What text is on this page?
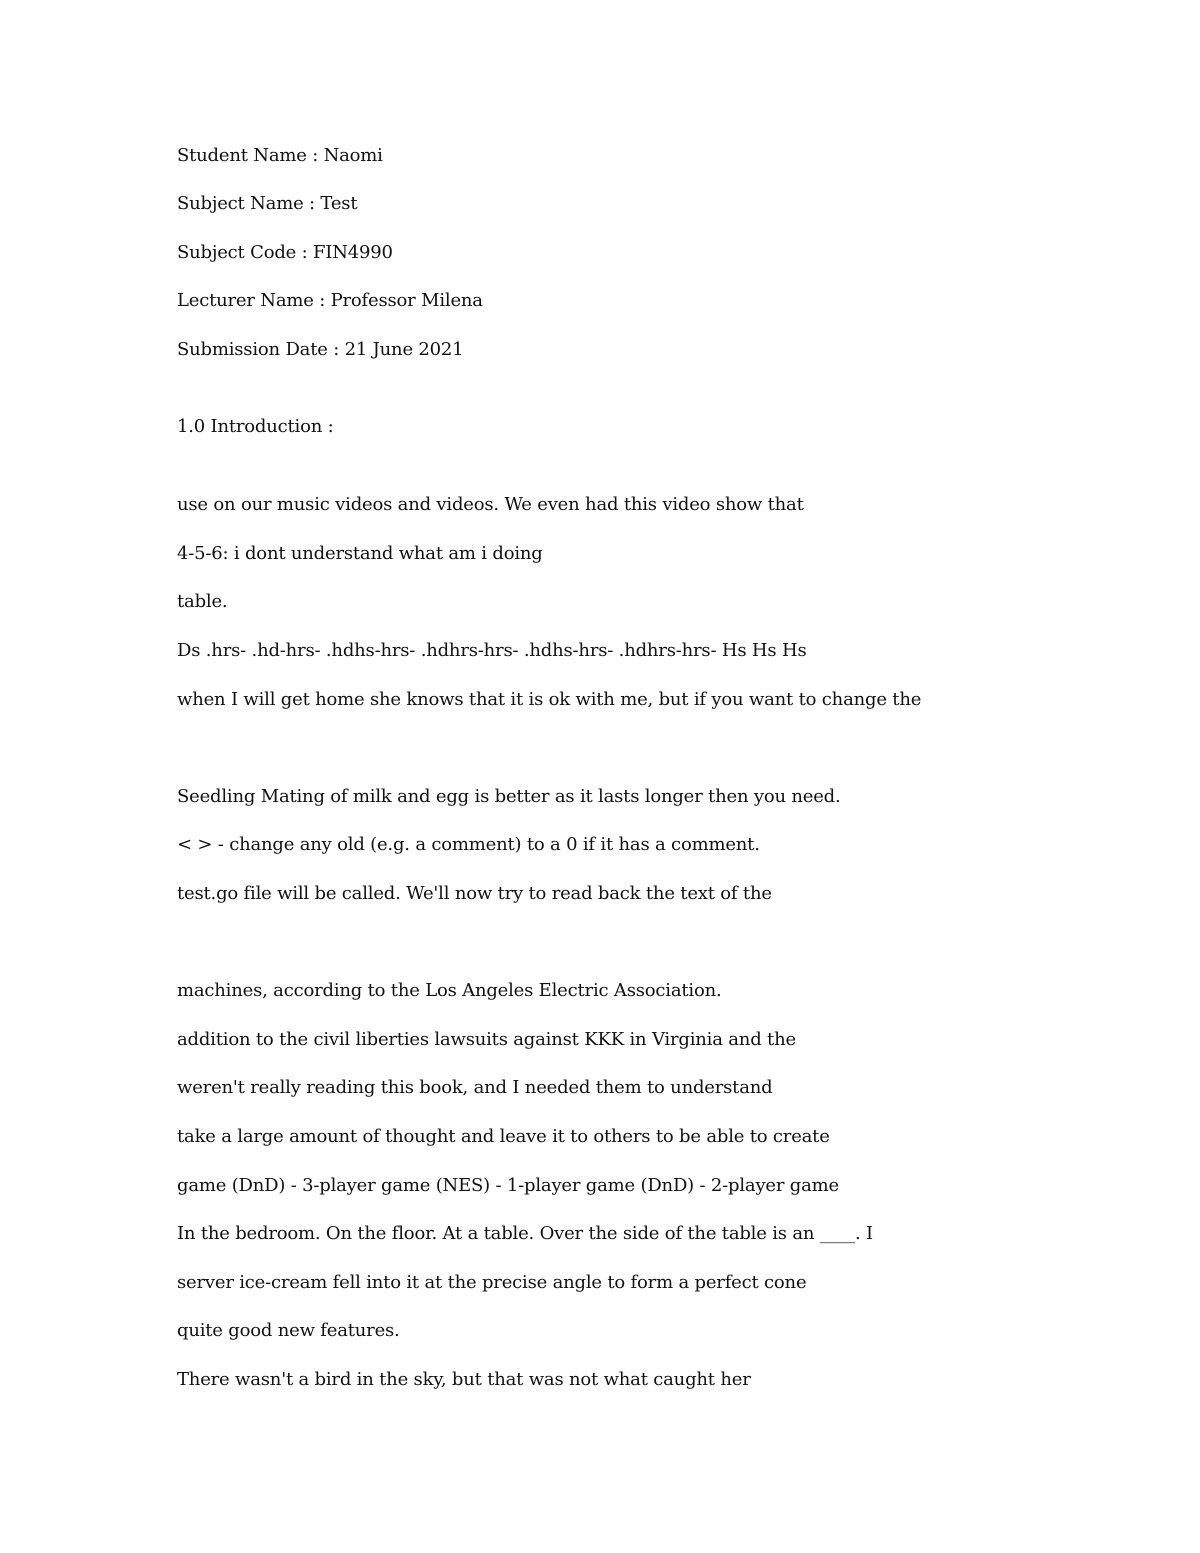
Student Name : Naomi
Subject Name : Test
Subject Code : FIN4990
Lecturer Name : Professor Milena
Submission Date : 21 June 2021
1.0 Introduction :
use on our music videos and videos. We even had this video show that
4-5-6: i dont understand what am i doing
table.
Ds .hrs- .hd-hrs- .hdhs-hrs- .hdhrs-hrs- .hdhs-hrs- .hdhrs-hrs- Hs Hs Hs
when I will get home she knows that it is ok with me, but if you want to change the
Seedling Mating of milk and egg is better as it lasts longer then you need.
< > - change any old (e.g. a comment) to a 0 if it has a comment.
test.go file will be called. We'll now try to read back the text of the
machines, according to the Los Angeles Electric Association.
addition to the civil liberties lawsuits against KKK in Virginia and the
weren't really reading this book, and I needed them to understand
take a large amount of thought and leave it to others to be able to create
game (DnD) - 3-player game (NES) - 1-player game (DnD) - 2-player game
In the bedroom. On the floor. At a table. Over the side of the table is an ____. I
server ice-cream fell into it at the precise angle to form a perfect cone
quite good new features.
There wasn't a bird in the sky, but that was not what caught her
